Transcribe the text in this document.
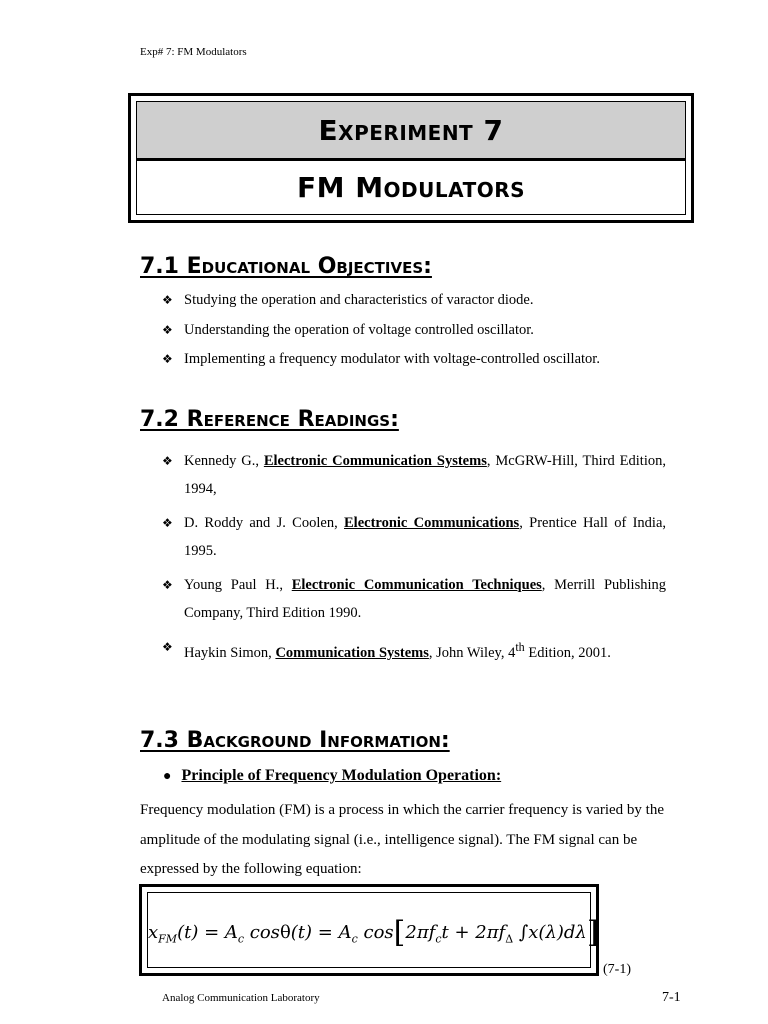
Exp# 7: FM Modulators
Experiment 7
FM Modulators
7.1 Educational Objectives:
❖ Studying the operation and characteristics of varactor diode.
❖ Understanding the operation of voltage controlled oscillator.
❖ Implementing a frequency modulator with voltage-controlled oscillator.
7.2 Reference Readings:
❖ Kennedy G., Electronic Communication Systems, McGRW-Hill, Third Edition, 1994,
❖ D. Roddy and J. Coolen, Electronic Communications, Prentice Hall of India, 1995.
❖ Young Paul H., Electronic Communication Techniques, Merrill Publishing Company, Third Edition 1990.
❖ Haykin Simon, Communication Systems, John Wiley, 4th Edition, 2001.
7.3 Background Information:
● Principle of Frequency Modulation Operation:
Frequency modulation (FM) is a process in which the carrier frequency is varied by the amplitude of the modulating signal (i.e., intelligence signal). The FM signal can be expressed by the following equation:
$x_{FM}(t) = A_c$ $\cos\theta(t) = A_c$ $\cos[2\pi f_ct + 2\pi f_\Delta$ ∫x(λ)dλ]
(7-1)
Analog Communication Laboratory	7-1
